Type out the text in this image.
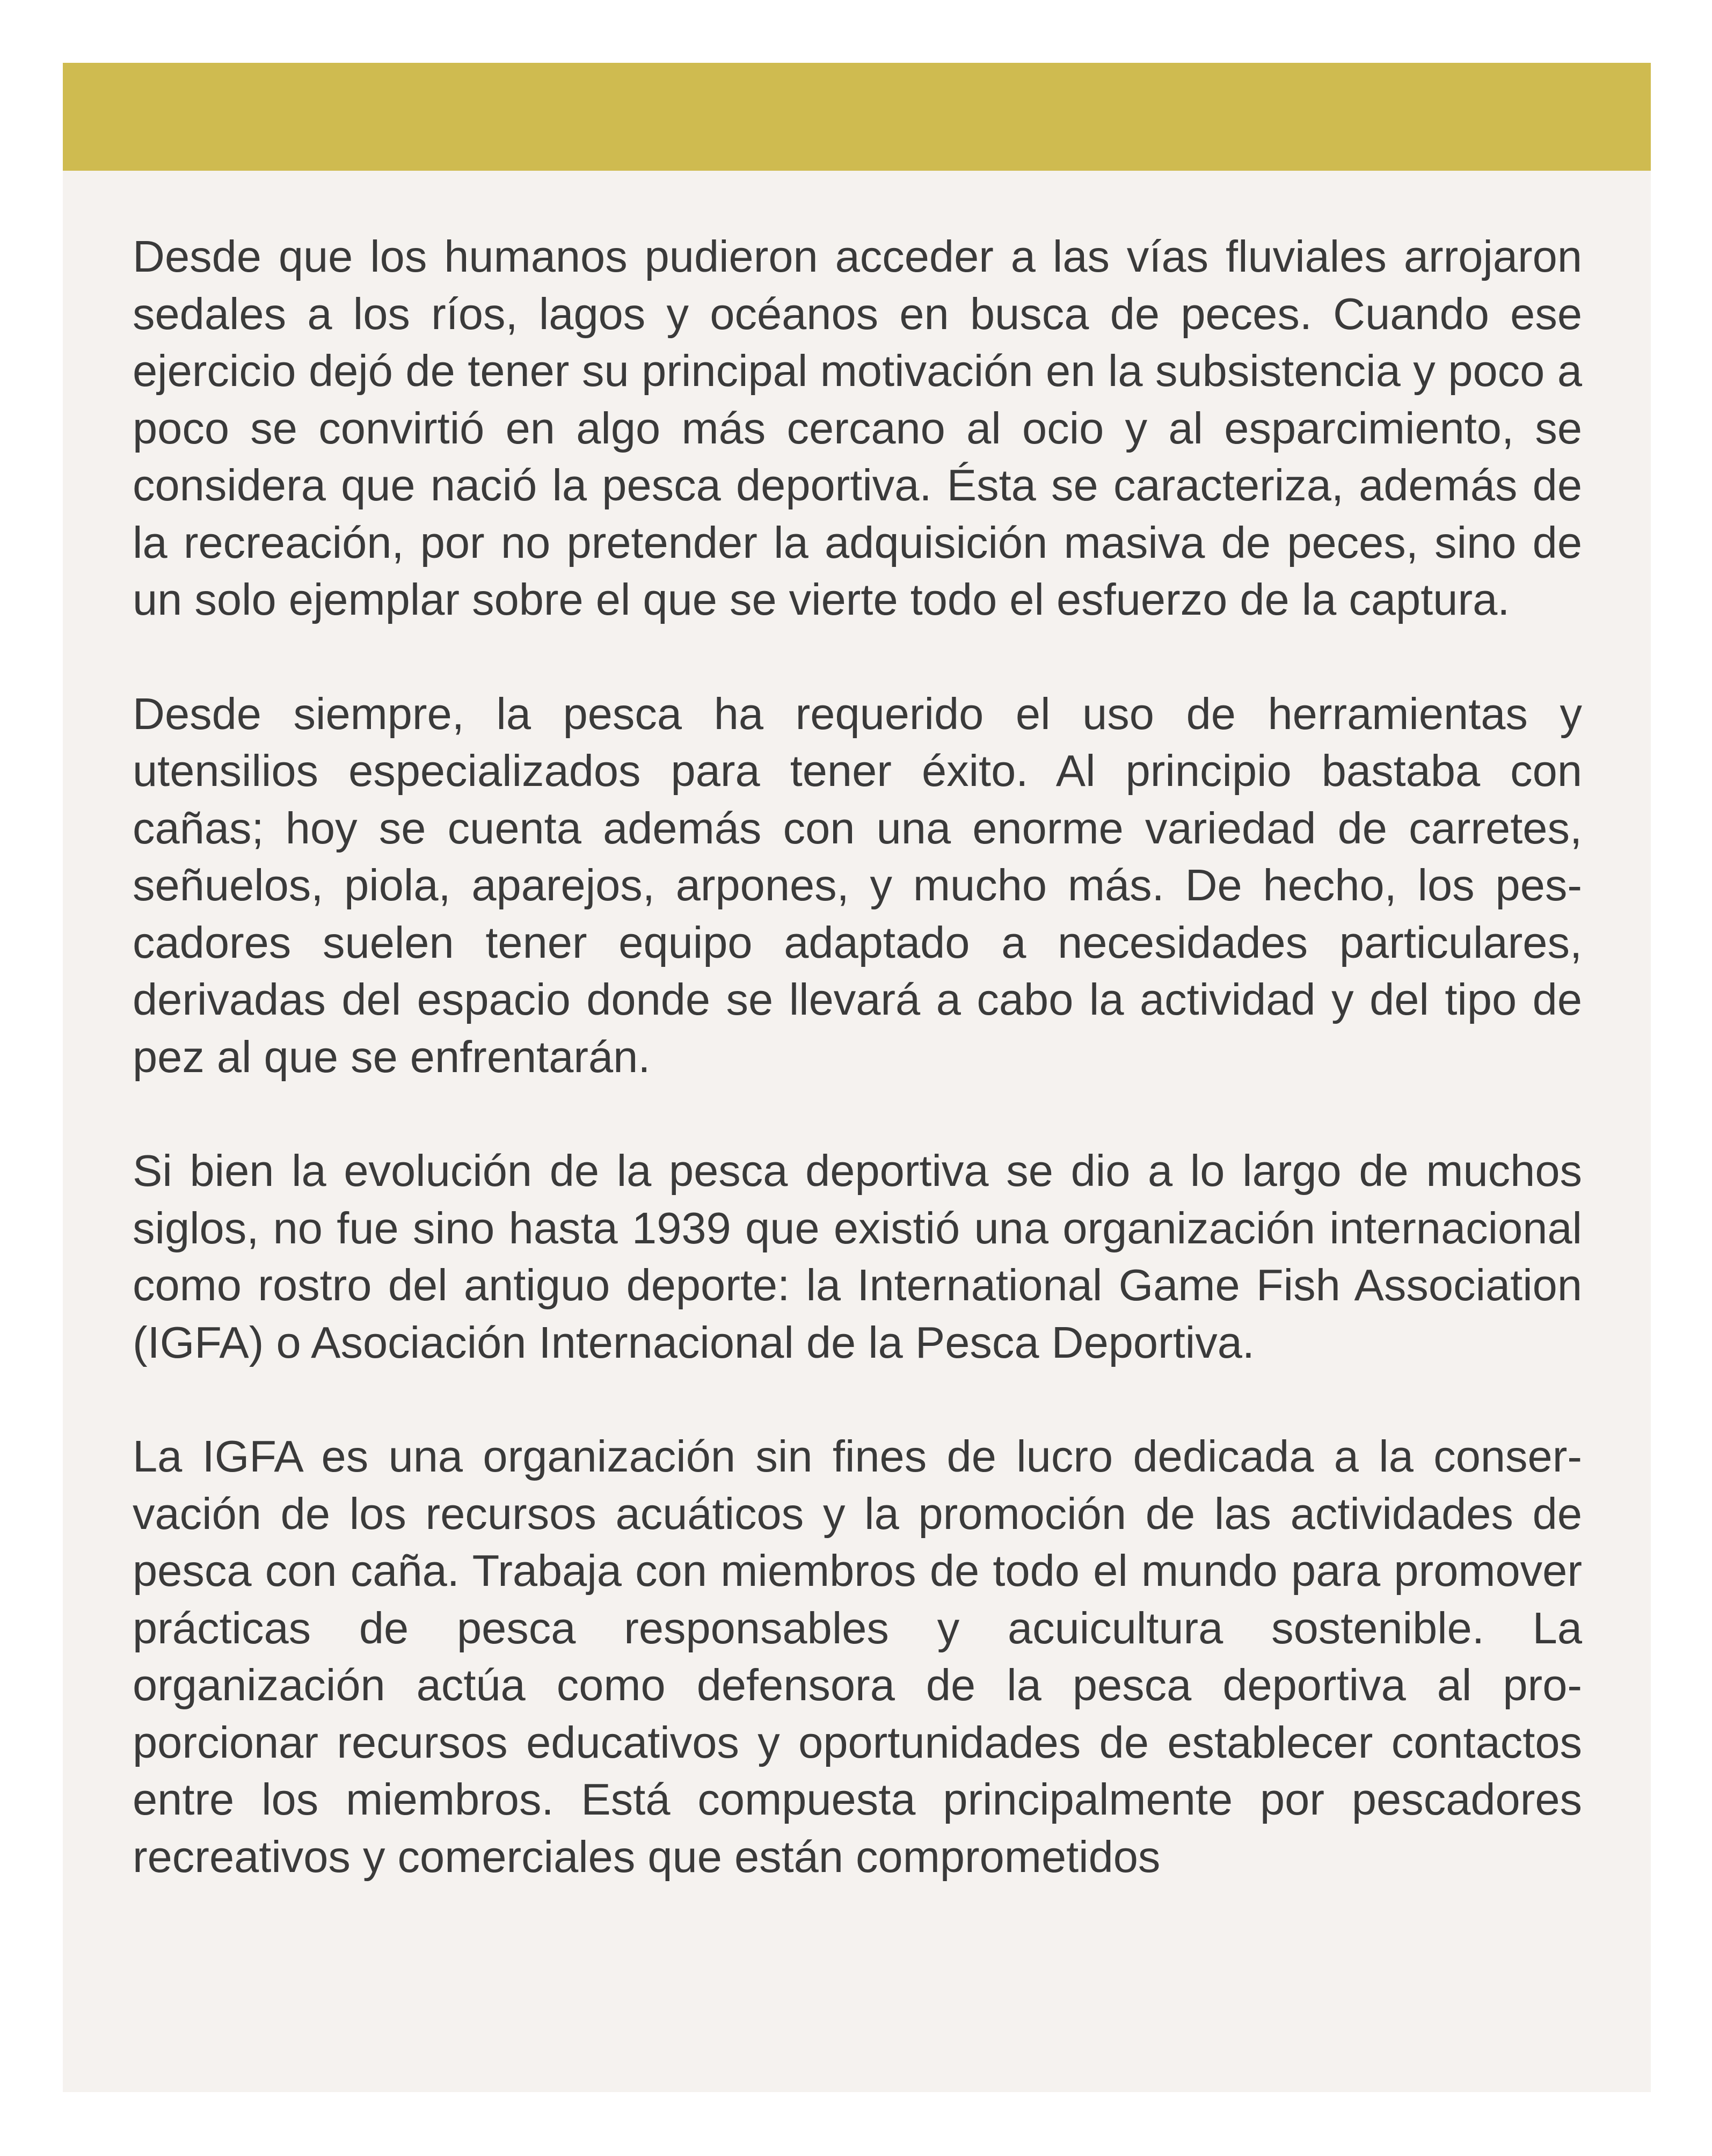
Desde que los humanos pudieron acceder a las vías fluviales arrojaron sedales a los ríos, lagos y océanos en busca de peces. Cuando ese ejercicio dejó de tener su principal motivación en la subsistencia y poco a poco se convirtió en algo más cercano al ocio y al esparcimiento, se considera que nació la pesca deportiva. Ésta se caracteriza, además de la recreación, por no pretender la adquisición masiva de peces, sino de un solo ejemplar sobre el que se vierte todo el esfuerzo de la captura.

Desde siempre, la pesca ha requerido el uso de herramientas y utensilios especializados para tener éxito. Al principio bastaba con cañas; hoy se cuenta además con una enorme variedad de carretes, señuelos, piola, aparejos, arpones, y mucho más. De hecho, los pescadores suelen tener equipo adaptado a necesidades particulares, derivadas del espacio donde se llevará a cabo la actividad y del tipo de pez al que se enfrentarán.

Si bien la evolución de la pesca deportiva se dio a lo largo de muchos siglos, no fue sino hasta 1939 que existió una organización internacional como rostro del antiguo deporte: la International Game Fish Association (IGFA) o Asociación Internacional de la Pesca Deportiva.

La IGFA es una organización sin fines de lucro dedicada a la conservación de los recursos acuáticos y la promoción de las actividades de pesca con caña. Trabaja con miembros de todo el mundo para promover prácticas de pesca responsables y acuicultura sostenible. La organización actúa como defensora de la pesca deportiva al proporcionar recursos educativos y oportunidades de establecer contactos entre los miembros. Está compuesta principalmente por pescadores recreativos y comerciales que están comprometidos
